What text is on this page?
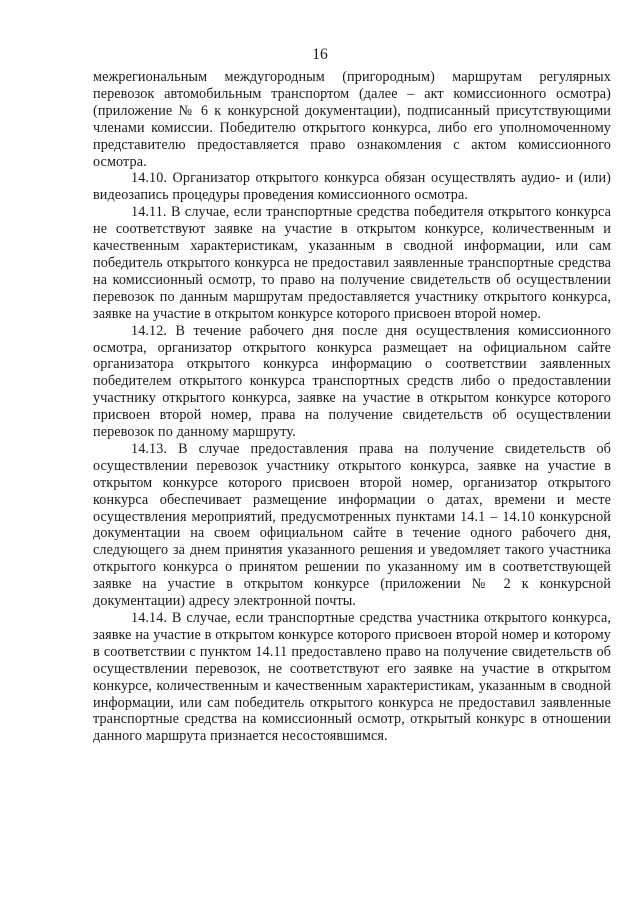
16

межрегиональным междугородным (пригородным) маршрутам регулярных перевозок автомобильным транспортом (далее – акт комиссионного осмотра) (приложение № 6 к конкурсной документации), подписанный присутствующими членами комиссии. Победителю открытого конкурса, либо его уполномоченному представителю предоставляется право ознакомления с актом комиссионного осмотра.

14.10. Организатор открытого конкурса обязан осуществлять аудио- и (или) видеозапись процедуры проведения комиссионного осмотра.

14.11. В случае, если транспортные средства победителя открытого конкурса не соответствуют заявке на участие в открытом конкурсе, количественным и качественным характеристикам, указанным в сводной информации, или сам победитель открытого конкурса не предоставил заявленные транспортные средства на комиссионный осмотр, то право на получение свидетельств об осуществлении перевозок по данным маршрутам предоставляется участнику открытого конкурса, заявке на участие в открытом конкурсе которого присвоен второй номер.

14.12. В течение рабочего дня после дня осуществления комиссионного осмотра, организатор открытого конкурса размещает на официальном сайте организатора открытого конкурса информацию о соответствии заявленных победителем открытого конкурса транспортных средств либо о предоставлении участнику открытого конкурса, заявке на участие в открытом конкурсе которого присвоен второй номер, права на получение свидетельств об осуществлении перевозок по данному маршруту.

14.13. В случае предоставления права на получение свидетельств об осуществлении перевозок участнику открытого конкурса, заявке на участие в открытом конкурсе которого присвоен второй номер, организатор открытого конкурса обеспечивает размещение информации о датах, времени и месте осуществления мероприятий, предусмотренных пунктами 14.1 – 14.10 конкурсной документации на своем официальном сайте в течение одного рабочего дня, следующего за днем принятия указанного решения и уведомляет такого участника открытого конкурса о принятом решении по указанному им в соответствующей заявке на участие в открытом конкурсе (приложении № 2 к конкурсной документации) адресу электронной почты.

14.14. В случае, если транспортные средства участника открытого конкурса, заявке на участие в открытом конкурсе которого присвоен второй номер и которому в соответствии с пунктом 14.11 предоставлено право на получение свидетельств об осуществлении перевозок, не соответствуют его заявке на участие в открытом конкурсе, количественным и качественным характеристикам, указанным в сводной информации, или сам победитель открытого конкурса не предоставил заявленные транспортные средства на комиссионный осмотр, открытый конкурс в отношении данного маршрута признается несостоявшимся.
